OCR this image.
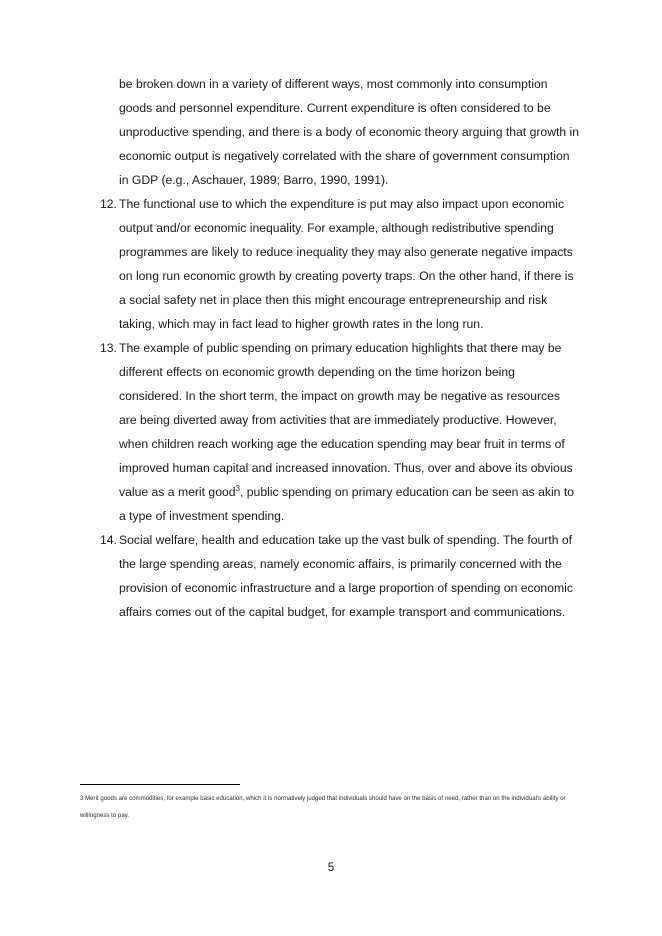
be broken down in a variety of different ways, most commonly into consumption goods and personnel expenditure. Current expenditure is often considered to be unproductive spending, and there is a body of economic theory arguing that growth in economic output is negatively correlated with the share of government consumption in GDP (e.g., Aschauer, 1989; Barro, 1990, 1991).

12. The functional use to which the expenditure is put may also impact upon economic output and/or economic inequality. For example, although redistributive spending programmes are likely to reduce inequality they may also generate negative impacts on long run economic growth by creating poverty traps. On the other hand, if there is a social safety net in place then this might encourage entrepreneurship and risk taking, which may in fact lead to higher growth rates in the long run.
13. The example of public spending on primary education highlights that there may be different effects on economic growth depending on the time horizon being considered. In the short term, the impact on growth may be negative as resources are being diverted away from activities that are immediately productive. However, when children reach working age the education spending may bear fruit in terms of improved human capital and increased innovation. Thus, over and above its obvious value as a merit good$^3$, public spending on primary education can be seen as akin to a type of investment spending.
14. Social welfare, health and education take up the vast bulk of spending. The fourth of the large spending areas, namely economic affairs, is primarily concerned with the provision of economic infrastructure and a large proportion of spending on economic affairs comes out of the capital budget, for example transport and communications.
3 Merit goods are commodities, for example basic education, which it is normatively judged that individuals should have on the basis of need, rather than on the individual's ability or willingness to pay.
5
